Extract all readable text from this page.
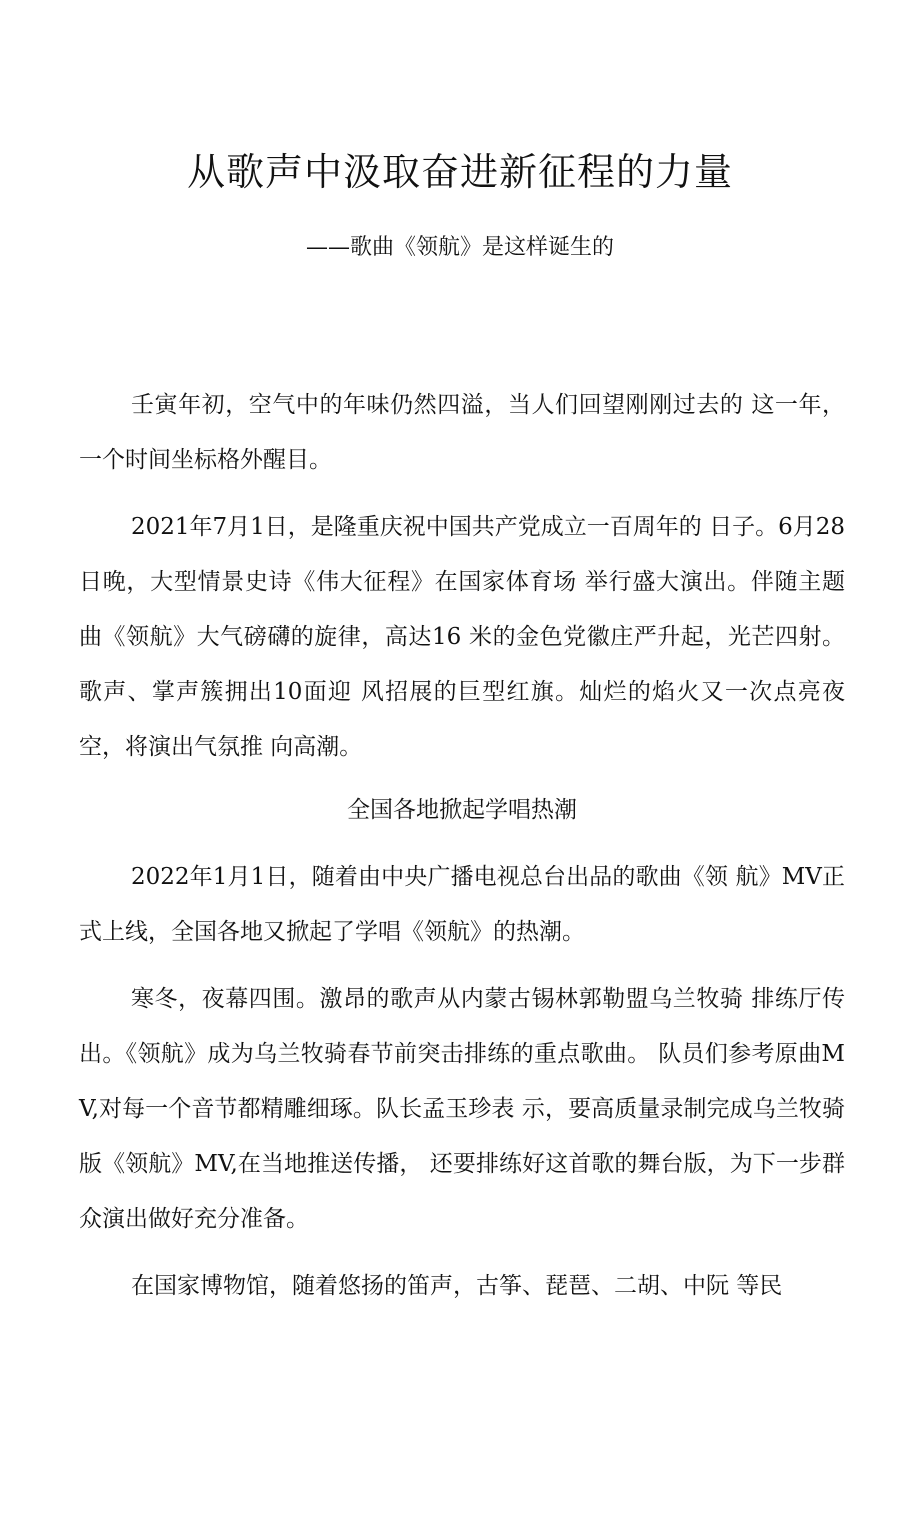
从歌声中汲取奋进新征程的力量

——歌曲《领航》是这样诞生的

壬寅年初，空气中的年味仍然四溢，当人们回望刚刚过去的 这一年，一个时间坐标格外醒目。

2021年7月1日，是隆重庆祝中国共产党成立一百周年的 日子。6月28日晚，大型情景史诗《伟大征程》在国家体育场 举行盛大演出。伴随主题曲《领航》大气磅礴的旋律，高达16 米的金色党徽庄严升起，光芒四射。歌声、掌声簇拥出10面迎 风招展的巨型红旗。灿烂的焰火又一次点亮夜空，将演出气氛推 向高潮。

全国各地掀起学唱热潮

2022年1月1日，随着由中央广播电视总台出品的歌曲《领 航》MV正式上线，全国各地又掀起了学唱《领航》的热潮。

寒冬，夜幕四围。激昂的歌声从内蒙古锡林郭勒盟乌兰牧骑 排练厅传出。《领航》成为乌兰牧骑春节前突击排练的重点歌曲。 队员们参考原曲MV,对每一个音节都精雕细琢。队长孟玉珍表 示，要高质量录制完成乌兰牧骑版《领航》MV,在当地推送传播， 还要排练好这首歌的舞台版，为下一步群众演出做好充分准备。

在国家博物馆，随着悠扬的笛声，古筝、琵琶、二胡、中阮 等民
